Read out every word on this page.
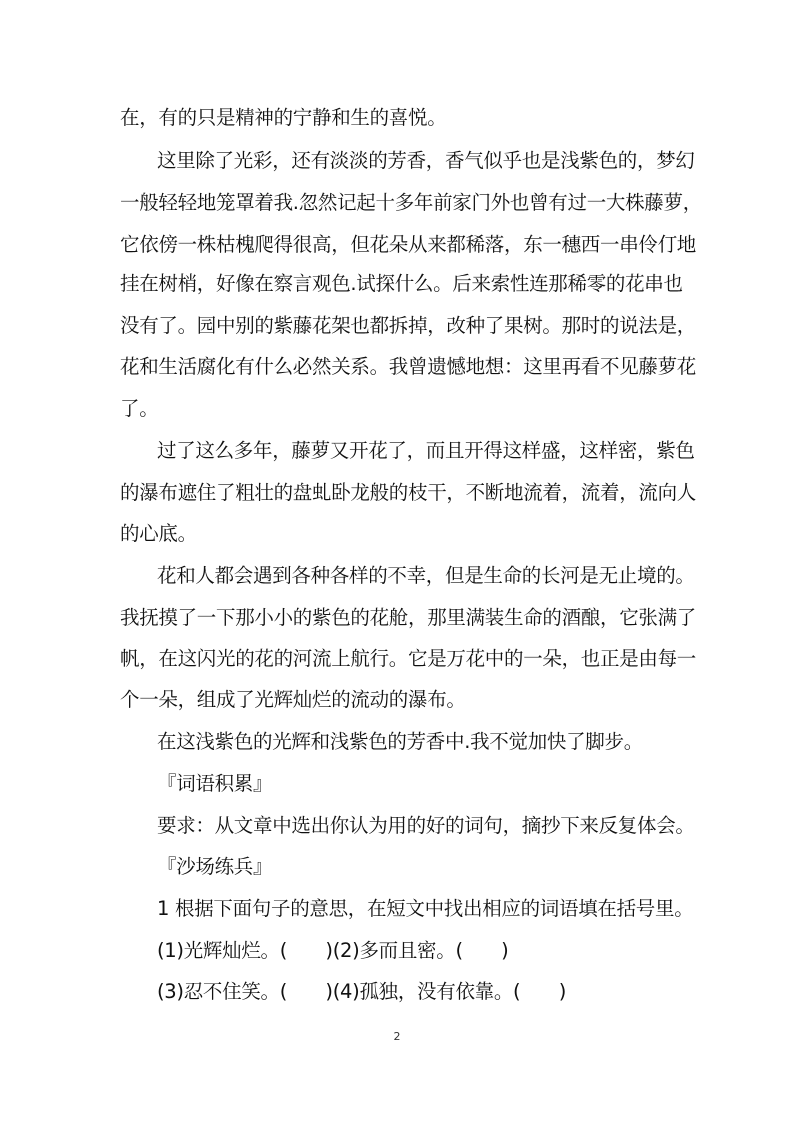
在，有的只是精神的宁静和生的喜悦。
这里除了光彩，还有淡淡的芳香，香气似乎也是浅紫色的，梦幻
一般轻轻地笼罩着我.忽然记起十多年前家门外也曾有过一大株藤萝，
它依傍一株枯槐爬得很高，但花朵从来都稀落，东一穗西一串伶仃地
挂在树梢，好像在察言观色.试探什么。后来索性连那稀零的花串也
没有了。园中别的紫藤花架也都拆掉，改种了果树。那时的说法是，
花和生活腐化有什么必然关系。我曾遗憾地想：这里再看不见藤萝花
了。
过了这么多年，藤萝又开花了，而且开得这样盛，这样密，紫色
的瀑布遮住了粗壮的盘虬卧龙般的枝干，不断地流着，流着，流向人
的心底。
花和人都会遇到各种各样的不幸，但是生命的长河是无止境的。
我抚摸了一下那小小的紫色的花舱，那里满装生命的酒酿，它张满了
帆，在这闪光的花的河流上航行。它是万花中的一朵，也正是由每一
个一朵，组成了光辉灿烂的流动的瀑布。
在这浅紫色的光辉和浅紫色的芳香中.我不觉加快了脚步。
『词语积累』
要求：从文章中选出你认为用的好的词句，摘抄下来反复体会。
『沙场练兵』
1 根据下面句子的意思，在短文中找出相应的词语填在括号里。
(1)光辉灿烂。(　　)(2)多而且密。(　　)
(3)忍不住笑。(　　)(4)孤独，没有依靠。(　　)
2
